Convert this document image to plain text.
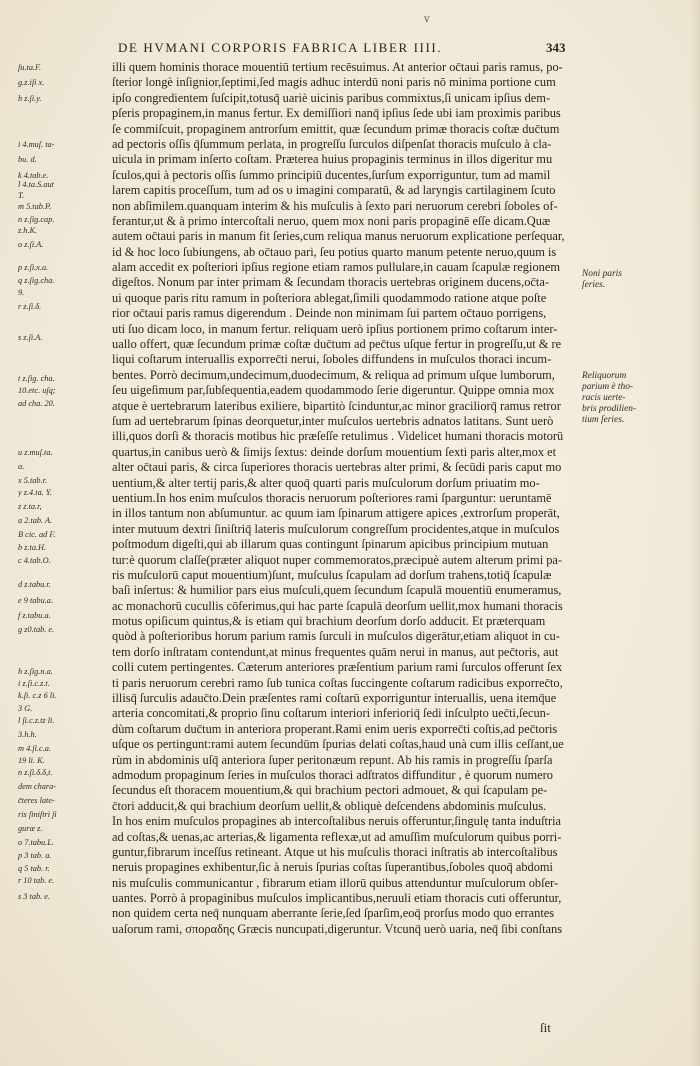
v
DE HVMANI CORPORIS FABRICA LIBER IIII.	343
illi quem hominis thorace mouentiū tertium recēsuimus. At anterior oc̄taui paris ramus, po-
ſterior longè inſignior,ſeptimi,ſed magis adhuc interdū noni paris nō minima portione cum
ipſo congredientem ſuſcipit,totusq̄ uariè uicinis paribus commixtus,ſi unicam ipſius dem-
pſeris propaginem,in manus fertur. Ex demiſſiori nanq̄ ipſius ſede ubi iam proximis paribus
ſe commiſcuit, propaginem antrorſum emittit, quæ ſecundum primæ thoracis coſtæ duc̄tum
ad pectoris oſſis q̄ſummum perlata, in progreſſu ſurculos diſpenſat thoracis muſculo à cla-
uicula in primam inſerto coſtam. Præterea huius propaginis terminus in illos digeritur mu
ſculos,qui à pectoris oſſis ſummo principiū ducentes,ſurſum exporriguntur, tum ad mamil
larem capitis proceſſum, tum ad os υ imagini comparatū, & ad laryngis cartilaginem ſcuto
non abſimilem.quanquam interim & his muſculis à ſexto pari neruorum cerebri ſoboles of-
ferantur,ut & à primo intercoſtali neruo, quem mox noni paris propaginē eſſe dicam.Quæ
autem oc̄taui paris in manum fit ſeries,cum reliqua manus neruorum explicatione perſequar,
id & hoc loco ſubiungens, ab oc̄tauo pari, ſeu potius quarto manum petente neruo,quum is
alam accedit ex poſteriori ipſius regione etiam ramos pullulare,in cauam ſcapulæ regionem
digeſtos. Nonum par inter primam & ſecundam thoracis uertebras originem ducens,oc̄ta-
ui quoque paris ritu ramum in poſteriora ablegat,ſimili quodammodo ratione atque poſte
rior oc̄taui paris ramus digerendum . Deinde non minimam ſui partem oc̄tauo porrigens,
uti ſuo dicam loco, in manum fertur. reliquam uerò ipſius portionem primo coſtarum inter-
uallo offert, quæ ſecundum primæ coſtæ duc̄tum ad pec̄tus uſque fertur in progreſſu,ut & re
liqui coſtarum interuallis exporrec̄ti nerui, ſoboles diffundens in muſculos thoraci incum-
bentes. Porrò decimum,undecimum,duodecimum, & reliqua ad primum uſque lumborum,
ſeu uigeſimum par,ſubſequentia,eadem quodammodo ſerie digeruntur. Quippe omnia mox
atque è uertebrarum lateribus exiliere, bipartitò ſcinduntur,ac minor graciliorq̄ ramus retror
ſum ad uertebrarum ſpinas deorquetur,inter muſculos uertebris adnatos latitans. Sunt uerò
illi,quos dorſi & thoracis motibus hic præſeſſe retulimus . Videlicet humani thoracis motorū
quartus,in canibus uerò & ſimijs ſextus: deinde dorſum mouentium ſexti paris alter,mox et
alter oc̄taui paris, & circa ſuperiores thoracis uertebras alter primi, & ſecūdi paris caput mo
uentium,& alter tertij paris,& alter quoq̄ quarti paris muſculorum dorſum priuatim mo-
uentium.In hos enim muſculos thoracis neruorum poſteriores rami ſparguntur: ueruntamē
in illos tantum non abſumuntur. ac quum iam ſpinarum attigere apices ,extrorſum properāt,
inter mutuum dextri ſiniſtriq̄ lateris muſculorum congreſſum procidentes,atque in muſculos
poſtmodum digeſti,qui ab illarum quas contingunt ſpinarum apicibus principium mutuan
tur:è quorum claſſe(præter aliquot nuper commemoratos,præcipuè autem alterum primi pa-
ris muſculorū caput mouentium)ſunt, muſculus ſcapulam ad dorſum trahens,totiq̄ ſcapulæ
baſi inſertus: & humilior pars eius muſculi,quem ſecundum ſcapulā mouentiū enumeramus,
ac monachorū cucullis cōferimus,qui hac parte ſcapulā deorſum uellit,mox humani thoracis
motus opiſicum quintus,& is etiam qui brachium deorſum dorſo adducit. Et præterquam
quòd à poſterioribus horum parium ramis ſurculi in muſculos digerātur,etiam aliquot in cu-
tem dorſo inſtratam contendunt,at minus frequentes quām nerui in manus, aut pec̄toris, aut
colli cutem pertingentes. Cæterum anteriores præſentium parium rami ſurculos offerunt ſex
ti paris neruorum cerebri ramo ſub tunica coſtas ſuccingente coſtarum radicibus exporrec̄to,
illisq̄ ſurculis adauc̄to.Dein præſentes rami coſtarū exporriguntur interuallis, uena itemq̄ue
arteria concomitati,& proprio ſinu coſtarum interiori inferioriq̄ ſedi inſculpto uec̄ti,ſecun-
dùm coſtarum duc̄tum in anteriora properant.Rami enim ueris exporrec̄ti coſtis,ad pec̄toris
uſque os pertingunt:rami autem ſecundūm ſpurias delati coſtas,haud unà cum illis ceſſant,ue
rùm in abdominis uſq̄ anteriora ſuper peritonæum repunt. Ab his ramis in progreſſu ſparſa
admodum propaginum ſeries in muſculos thoraci adſtratos diffunditur , è quorum numero
ſecundus eſt thoracem mouentium,& qui brachium pectori admouet, & qui ſcapulam pe-
c̄tori adducit,& qui brachium deorſum uellit,& obliquè deſcendens abdominis muſculus.
In hos enim muſculos propagines ab intercoſtalibus neruis offeruntur,ſingulę tanta induſtria
ad coſtas,& uenas,ac arterias,& ligamenta reflexæ,ut ad amuſſim muſculorum quibus porri-
guntur,fibrarum inceſſus retineant. Atque ut his muſculis thoraci inſtratis ab intercoſtalibus
neruis propagines exhibentur,ſic à neruis ſpurias coſtas ſuperantibus,ſoboles quoq̄ abdomi
nis muſculis communicantur , fibrarum etiam illorū quibus attenduntur muſculorum obſer-
uantes. Porrò à propaginibus muſculos implicantibus,neruuli etiam thoracis cuti offeruntur,
non quidem certa neq̄ nunquam aberrante ſerie,ſed ſparſim,eoq̄ prorſus modo quo errantes
uaſorum rami, σποραδης Græcis nuncupati,digeruntur. Vtcunq̄ uerò uaria, neq̄ ſibi conſtans
ſu.ta.F.
g.z.iſi x.
h z.ſi.y.
i 4.muſ. ta-
bu. d.
k 4.tab.e.
l 4.ta.S.aut
T.
m 5.tab.P.
n z.ſig.cap.
z.h.K.
o z.ſi.A.
p z.ſi.x.a.
q z.ſig.cha.
9.
r z.ſi.δ.
s z.ſi.A.
t z.ſig. cha.
10.etc. uſq;
ad cha. 20.
u z.muſ.ta.
α.
x 5.tab.r.
y z.4.ta. Y.
z z.ta.r,
a 2.tab. A.
B cic. ad F.
b z.ta.H.
c 4.tab.O.
d z.tabu.r.
e 9 tabu.a.
f z.tabu.a.
g z0.tab. e.
h z.ſig.n.a.
i z.ſi.c.z.t.
k.ſi. c.z 6 li.
3 G.
l ſi.c.z.tz li.
3.h.h.
m 4.ſi.c.a.
19 li. K.
n z.ſi.δ.δ,t.
dem chara-
c̄teres late-
ris ſiniſtri ſi
guræ z.
o 7.tabu.L.
p 3 tab. a.
q 5 tab. r.
r 10 tab. e.
s 3 tab. e.
Noni paris
ſeries.
Reliquorum
parium è tho-
racis uerte-
bris prodilien-
tium ſeries.
ſit
